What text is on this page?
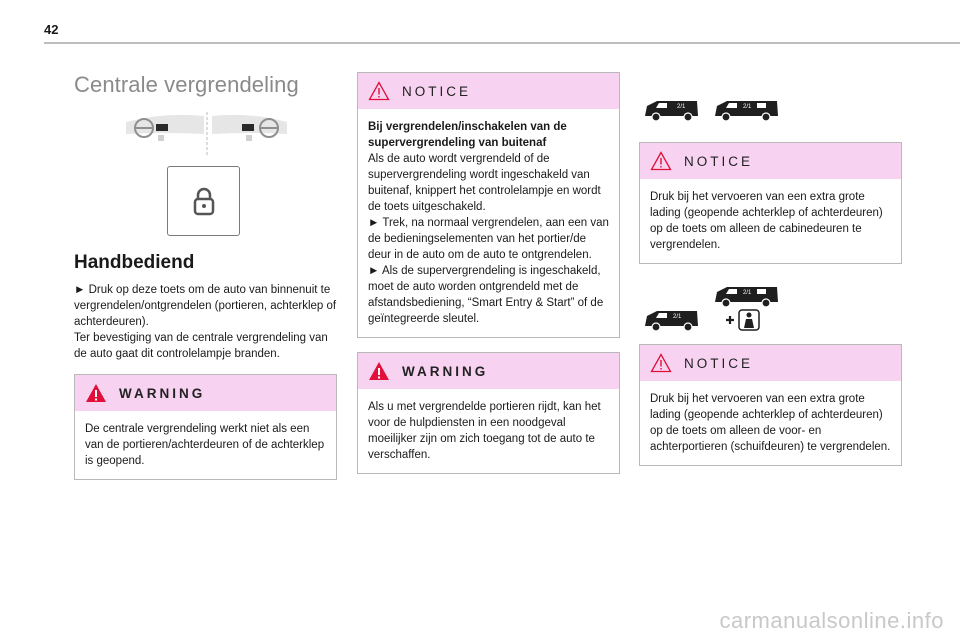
42
Centrale vergrendeling
Handbediend

► Druk op deze toets om de auto van binnenuit te vergrendelen/ontgrendelen (portieren, achterklep of achterdeuren).

Ter bevestiging van de centrale vergrendeling van de auto gaat dit controlelampje branden.

WARNING

De centrale vergrendeling werkt niet als een van de portieren/achterdeuren of de achterklep is geopend.

NOTICE

Bij vergrendelen/inschakelen van de supervergrendeling van buitenaf

Als de auto wordt vergrendeld of de supervergrendeling wordt ingeschakeld van buitenaf, knippert het controlelampje en wordt de toets uitgeschakeld.

► Trek, na normaal vergrendelen, aan een van de bedieningselementen van het portier/de deur in de auto om de auto te ontgrendelen.

► Als de supervergrendeling is ingeschakeld, moet de auto worden ontgrendeld met de afstandsbediening, “Smart Entry & Start” of de geïntegreerde sleutel.

WARNING

Als u met vergrendelde portieren rijdt, kan het voor de hulpdiensten in een noodgeval moeilijker zijn om zich toegang tot de auto te verschaffen.

2/1	2/1
NOTICE

Druk bij het vervoeren van een extra grote lading (geopende achterklep of achterdeuren) op de toets om alleen de cabinedeuren te vergrendelen.

2/1
2/1
NOTICE

Druk bij het vervoeren van een extra grote lading (geopende achterklep of achterdeuren) op de toets om alleen de voor- en achterportieren (schuifdeuren) te vergrendelen.

carmanualsonline.info
